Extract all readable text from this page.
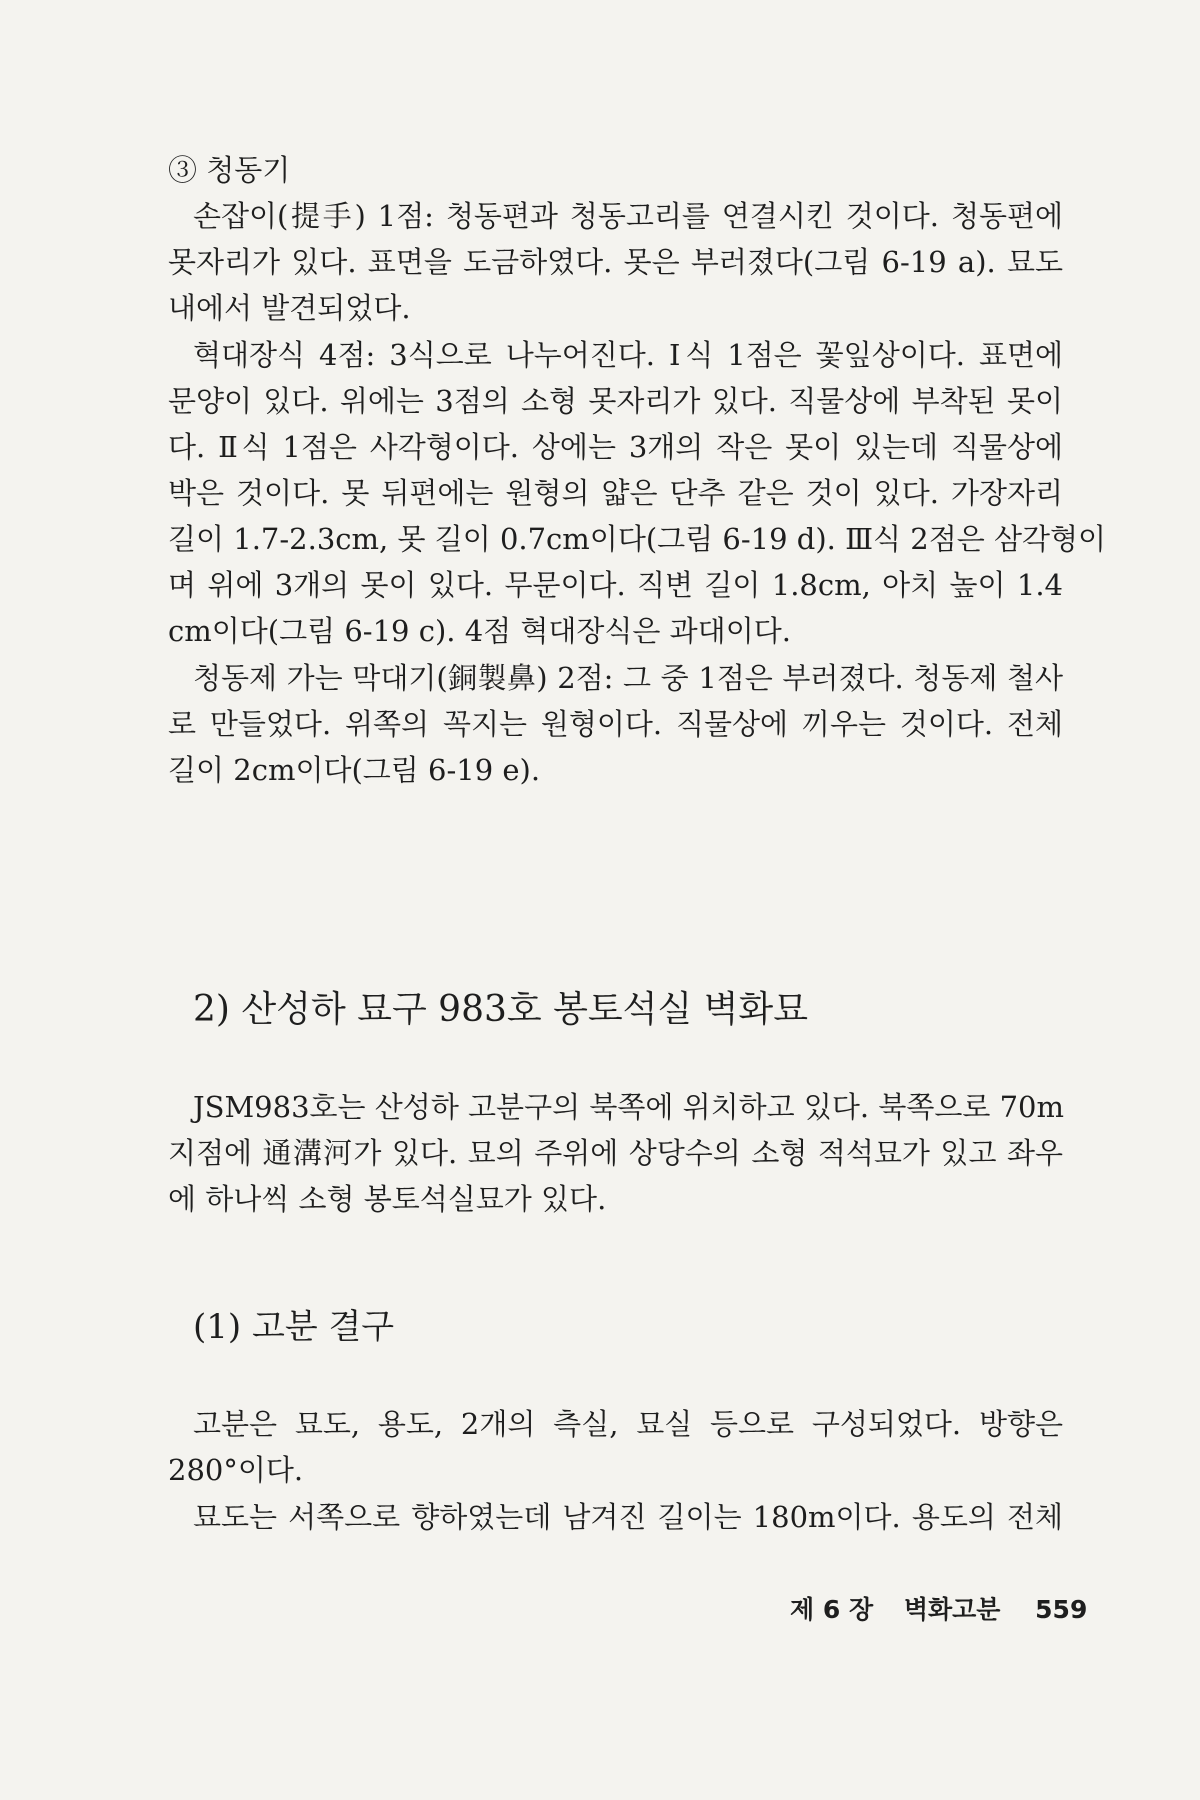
③ 청동기
손잡이(提手) 1점: 청동편과 청동고리를 연결시킨 것이다. 청동편에
못자리가 있다. 표면을 도금하였다. 못은 부러졌다(그림 6-19 a). 묘도
내에서 발견되었다.
혁대장식 4점: 3식으로 나누어진다. Ⅰ식 1점은 꽃잎상이다. 표면에
문양이 있다. 위에는 3점의 소형 못자리가 있다. 직물상에 부착된 못이
다. Ⅱ식 1점은 사각형이다. 상에는 3개의 작은 못이 있는데 직물상에
박은 것이다. 못 뒤편에는 원형의 얇은 단추 같은 것이 있다. 가장자리
길이 1.7-2.3cm, 못 길이 0.7cm이다(그림 6-19 d). Ⅲ식 2점은 삼각형이
며 위에 3개의 못이 있다. 무문이다. 직변 길이 1.8cm, 아치 높이 1.4
cm이다(그림 6-19 c). 4점 혁대장식은 과대이다.
청동제 가는 막대기(銅製鼻) 2점: 그 중 1점은 부러졌다. 청동제 철사
로 만들었다. 위쪽의 꼭지는 원형이다. 직물상에 끼우는 것이다. 전체
길이 2cm이다(그림 6-19 e).
2) 산성하 묘구 983호 봉토석실 벽화묘
JSM983호는 산성하 고분구의 북쪽에 위치하고 있다. 북쪽으로 70m
지점에 通溝河가 있다. 묘의 주위에 상당수의 소형 적석묘가 있고 좌우
에 하나씩 소형 봉토석실묘가 있다.
(1) 고분 결구
고분은 묘도, 용도, 2개의 측실, 묘실 등으로 구성되었다. 방향은
280°이다.
묘도는 서쪽으로 향하였는데 남겨진 길이는 180m이다. 용도의 전체
제 6 장 벽화고분 559
